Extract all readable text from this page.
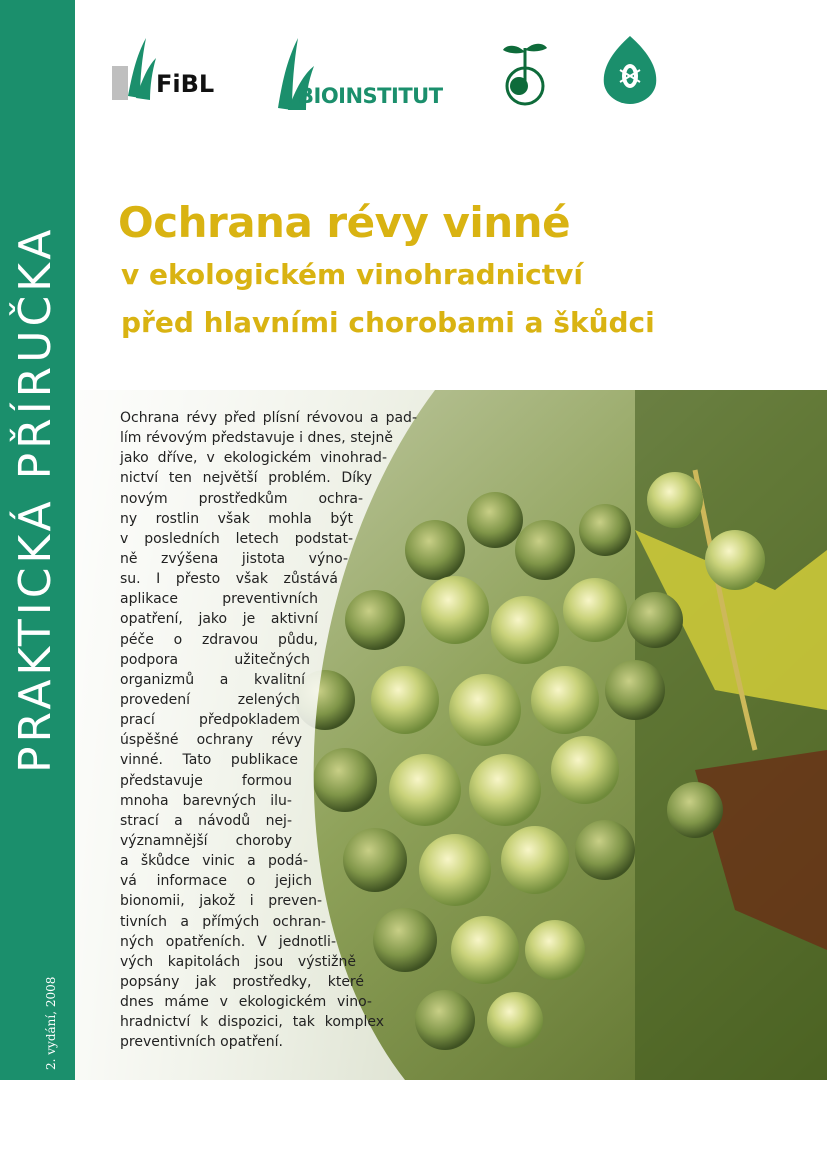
PRAKTICKÁ PŘÍRUČKA
2. vydání, 2008
FiBL	BIOINSTITUT
Ochrana révy vinné
v ekologickém vinohradnictví
před hlavními chorobami a škůdci
Ochrana révy před plísní révovou a pad-
lím révovým představuje i dnes, stejně
jako dříve, v ekologickém vinohrad-
nictví ten největší problém. Díky
novým prostředkům ochra-
ny rostlin však mohla být
v posledních letech podstat-
ně zvýšena jistota výno-
su. I přesto však zůstává
aplikace preventivních
opatření, jako je aktivní
péče o zdravou půdu,
podpora užitečných
organizmů a kvalitní
provedení zelených
prací předpokladem
úspěšné ochrany révy
vinné. Tato publikace
představuje formou
mnoha barevných ilu-
strací a návodů nej-
významnější choroby
a škůdce vinic a podá-
vá informace o jejich
bionomii, jakož i preven-
tivních a přímých ochran-
ných opatřeních. V jednotli-
vých kapitolách jsou výstižně
popsány jak prostředky, které
dnes máme v ekologickém vino-
hradnictví k dispozici, tak komplex
preventivních opatření.
